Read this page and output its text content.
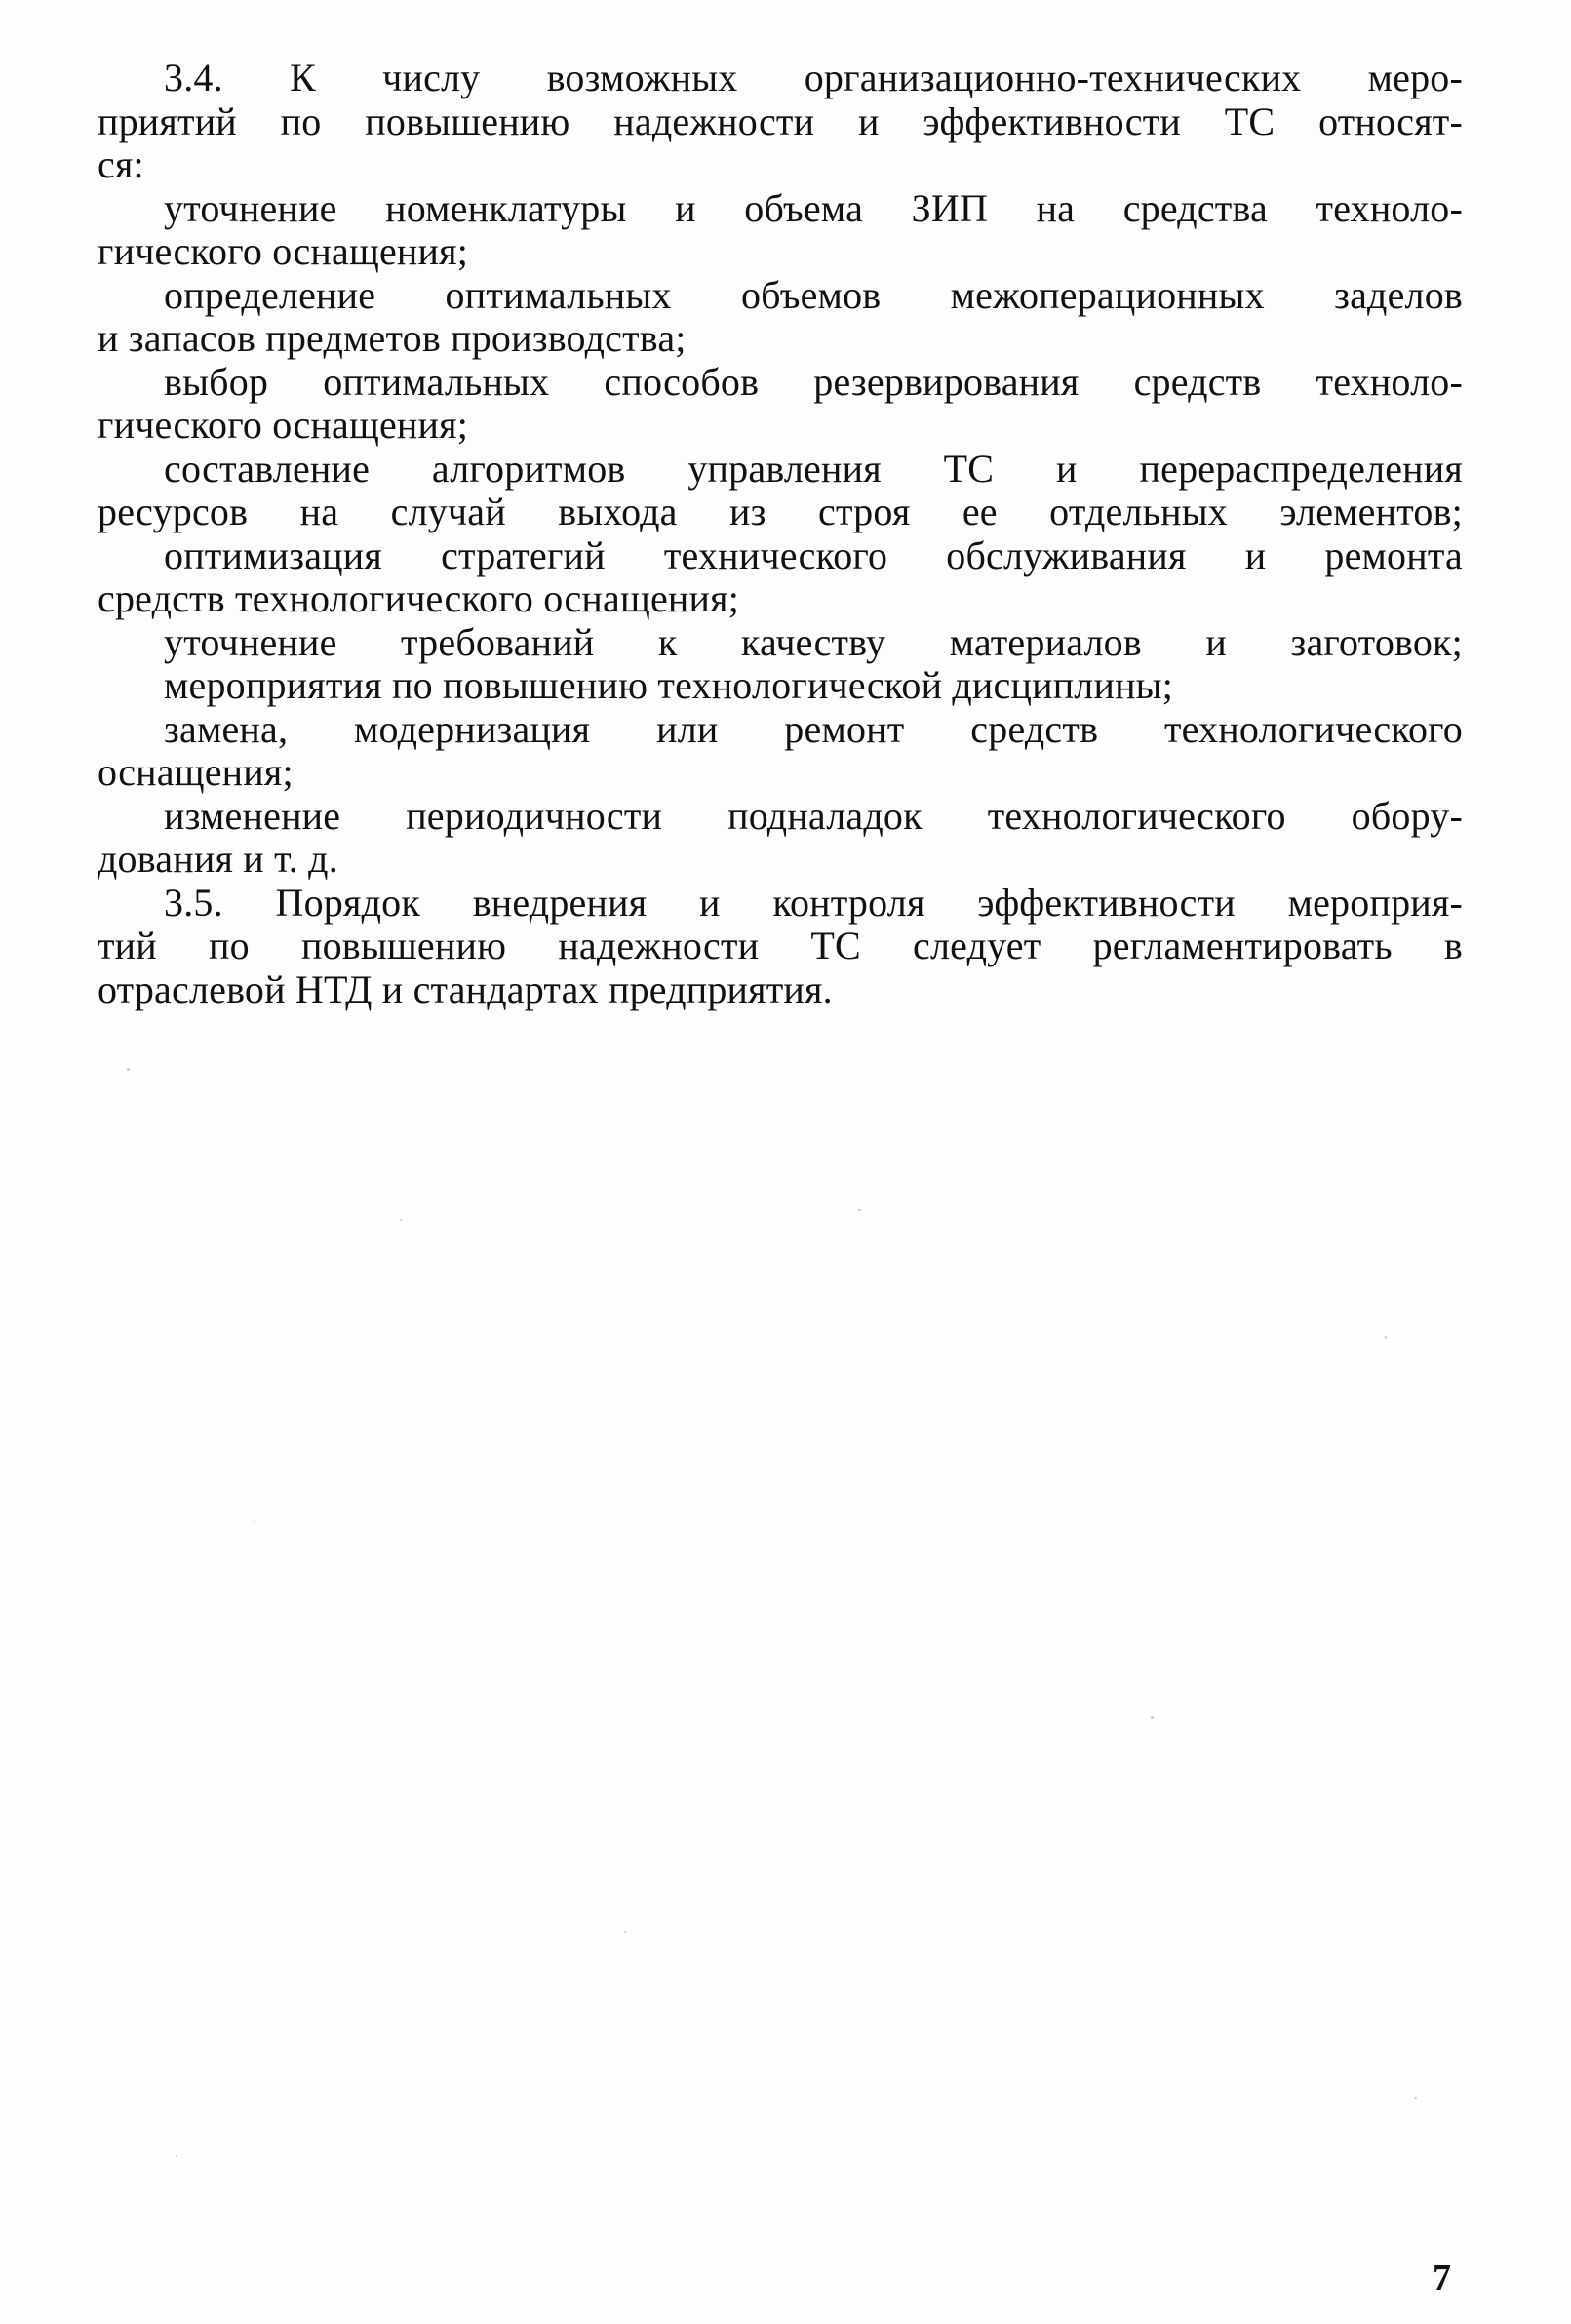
3.4. К числу возможных организационно-технических меро-
приятий по повышению надежности и эффективности ТС относят-
ся:
уточнение номенклатуры и объема ЗИП на средства техноло-
гического оснащения;
определение оптимальных объемов межоперационных заделов
и запасов предметов производства;
выбор оптимальных способов резервирования средств техноло-
гического оснащения;
составление алгоритмов управления ТС и перераспределения
ресурсов на случай выхода из строя ее отдельных элементов;
оптимизация стратегий технического обслуживания и ремонта
средств технологического оснащения;
уточнение требований к качеству материалов и заготовок;
мероприятия по повышению технологической дисциплины;
замена, модернизация или ремонт средств технологического
оснащения;
изменение периодичности подналадок технологического обору-
дования и т. д.
3.5. Порядок внедрения и контроля эффективности мероприя-
тий по повышению надежности ТС следует регламентировать в
отраслевой НТД и стандартах предприятия.
7
